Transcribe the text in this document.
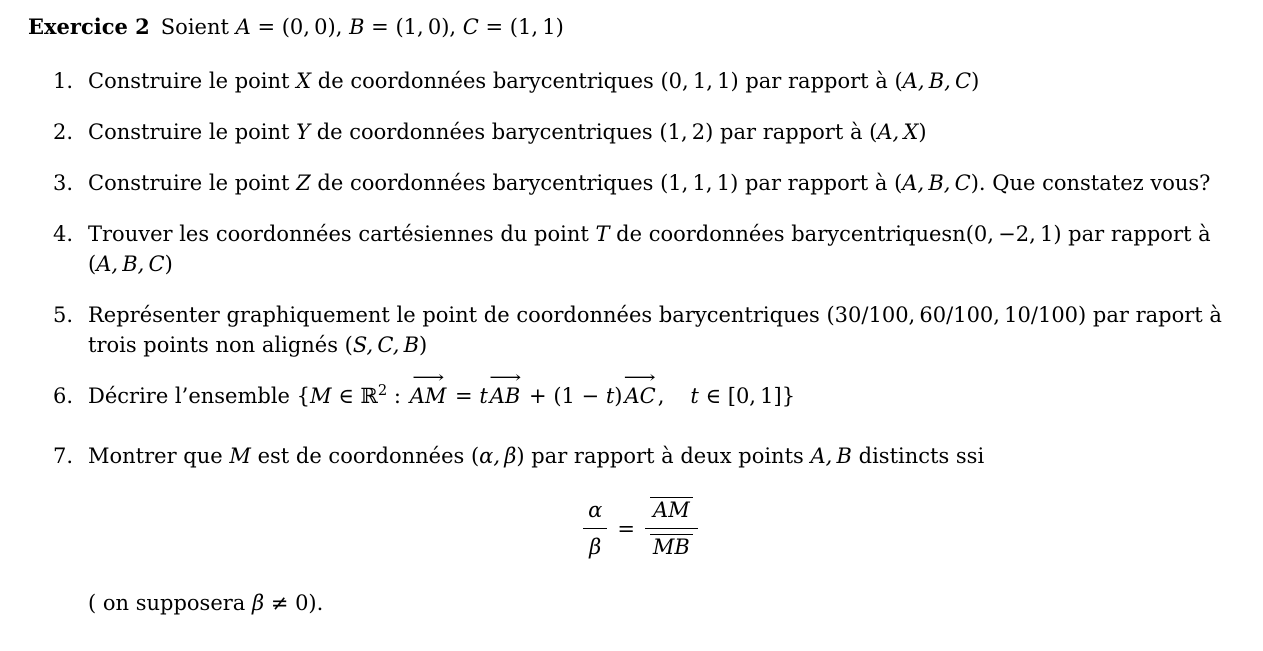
Exercice 2 Soient A = (0, 0), B = (1, 0), C = (1, 1)
1. Construire le point X de coordonnées barycentriques (0, 1, 1) par rapport à (A, B, C)
2. Construire le point Y de coordonnées barycentriques (1, 2) par rapport à (A, X)
3. Construire le point Z de coordonnées barycentriques (1, 1, 1) par rapport à (A, B, C). Que constatez vous?
4. Trouver les coordonnées cartésiennes du point T de coordonnées barycentriquesn(0, −2, 1) par rapport à
(A, B, C)
5. Représenter graphiquement le point de coordonnées barycentriques (30/100, 60/100, 10/100) par raport à
trois points non alignés (S, C, B)
6. Décrire l’ensemble {M ∈ ℝ$^2$ :
⟶
AM = t
⟶
AB + (1 − t)
⟶
AC, t ∈ [0, 1]}
7. Montrer que M est de coordonnées (α, β) par rapport à deux points A, B distincts ssi
$\frac{\alpha}{\beta} = \frac{AM}{MB}$
( on supposera β ≠ 0).
